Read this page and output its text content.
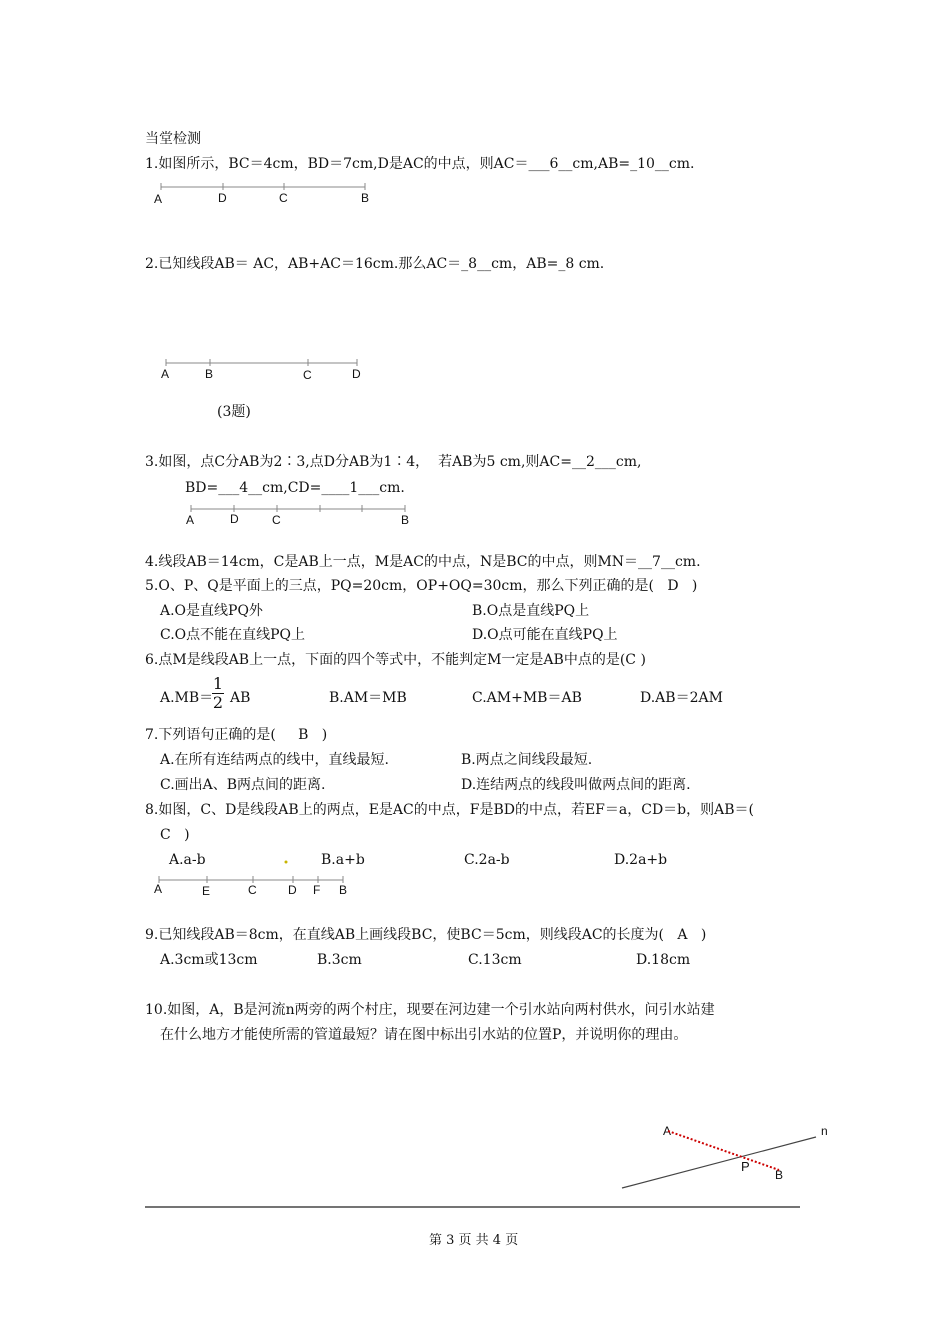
当堂检测
1.如图所示，BC＝4cm，BD＝7cm,D是AC的中点，则AC＝___6__cm,AB=_10__cm.
A	D	C	B
2.已知线段AB＝ AC，AB+AC＝16cm.那么AC＝_8__cm，AB=_8 cm.
A	B	C	D
(3题)
3.如图，点C分AB为2∶3,点D分AB为1∶4，  若AB为5 cm,则AC=__2___cm,
BD=___4__cm,CD=____1___cm.
A	D	C	B
4.线段AB＝14cm，C是AB上一点，M是AC的中点，N是BC的中点，则MN＝__7__cm.
5.O、P、Q是平面上的三点，PQ=20cm，OP+OQ=30cm，那么下列正确的是(   D   )
A.O是直线PQ外	B.O点是直线PQ上
C.O点不能在直线PQ上	D.O点可能在直线PQ上
6.点M是线段AB上一点，下面的四个等式中，不能判定M一定是AB中点的是(C )
A.MB＝
1
2 AB	B.AM＝MB	C.AM+MB＝AB	D.AB＝2AM
7.下列语句正确的是(     B   )
A.在所有连结两点的线中，直线最短.	B.两点之间线段最短.
C.画出A、B两点间的距离.	D.连结两点的线段叫做两点间的距离.
8.如图，C、D是线段AB上的两点，E是AC的中点，F是BD的中点，若EF＝a，CD＝b，则AB＝(
C   )
A.a-b	B.a+b	C.2a-b	D.2a+b
A	E	C	D F B
9.已知线段AB＝8cm，在直线AB上画线段BC，使BC＝5cm，则线段AC的长度为(   A   )
A.3cm或13cm	B.3cm	C.13cm	D.18cm
10.如图，A，B是河流n两旁的两个村庄，现要在河边建一个引水站向两村供水，问引水站建
在什么地方才能使所需的管道最短？请在图中标出引水站的位置P，并说明你的理由。
A
B
P
n
第 3 页 共 4 页
